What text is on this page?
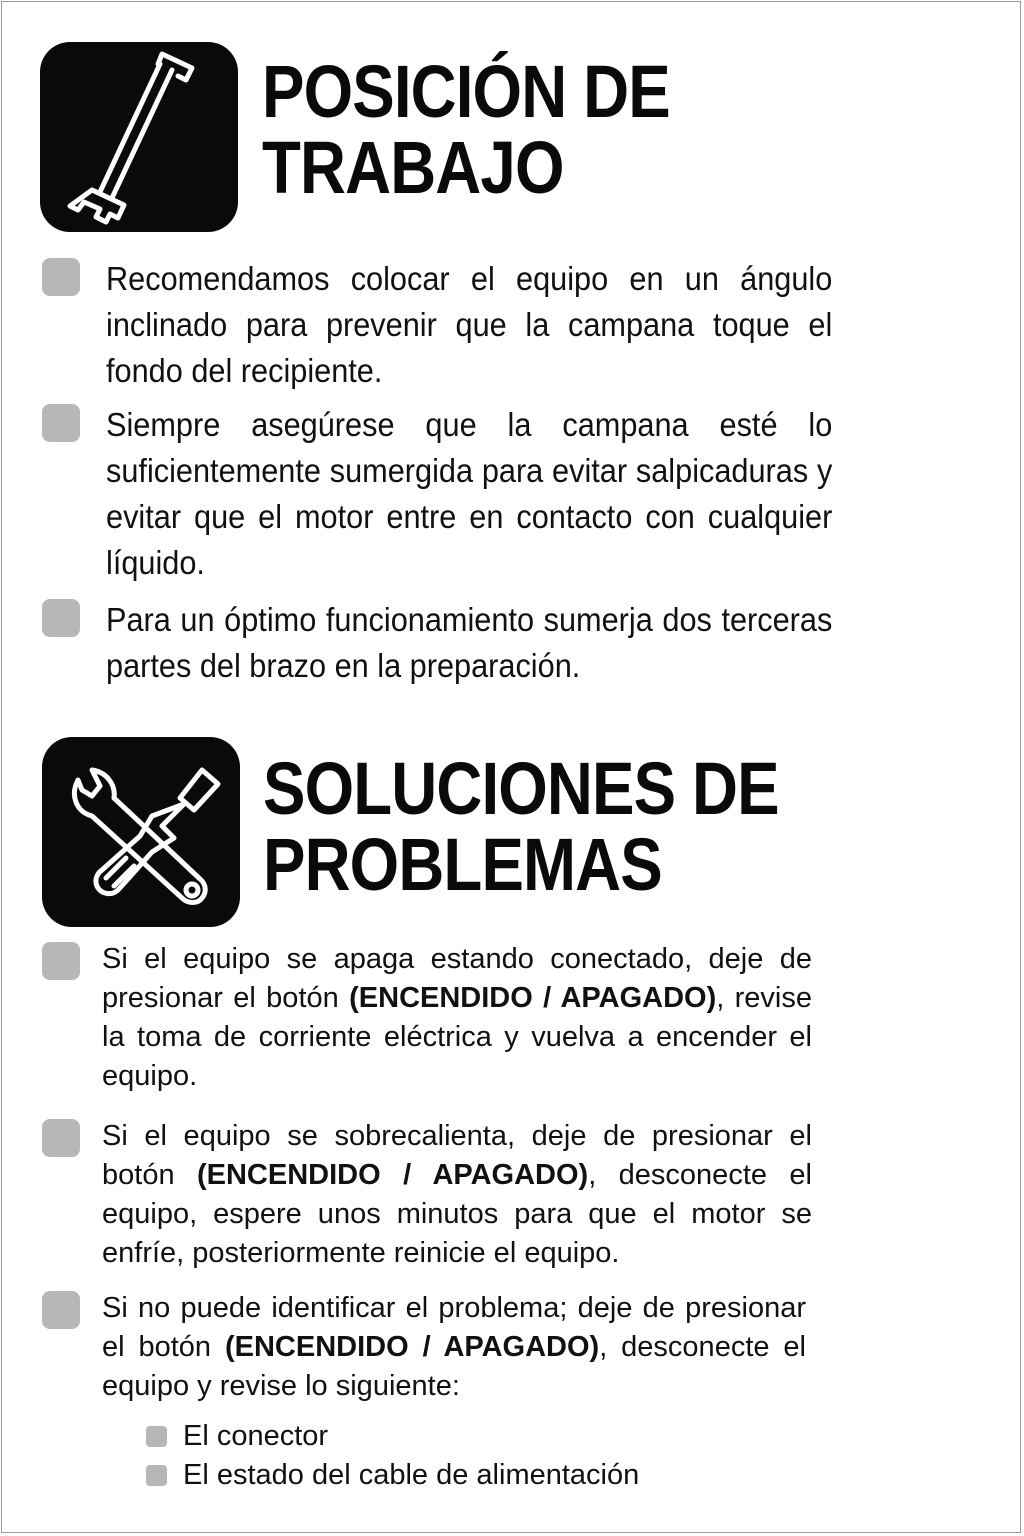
POSICIÓN DE
TRABAJO
Recomendamos colocar el equipo en un ángulo inclinado para prevenir que la campana toque el fondo del recipiente.
Siempre asegúrese que la campana esté lo suficientemente sumergida para evitar salpicaduras y evitar que el motor entre en contacto con cualquier líquido.
Para un óptimo funcionamiento sumerja dos terceras partes del brazo en la preparación.
SOLUCIONES DE
PROBLEMAS
Si el equipo se apaga estando conectado, deje de presionar el botón (ENCENDIDO / APAGADO), revise la toma de corriente eléctrica y vuelva a encender el equipo.
Si el equipo se sobrecalienta, deje de presionar el botón (ENCENDIDO / APAGADO), desconecte el equipo, espere unos minutos para que el motor se enfríe, posteriormente reinicie el equipo.
Si no puede identificar el problema; deje de presionar el botón (ENCENDIDO / APAGADO), desconecte el equipo y revise lo siguiente:
El conector
El estado del cable de alimentación
